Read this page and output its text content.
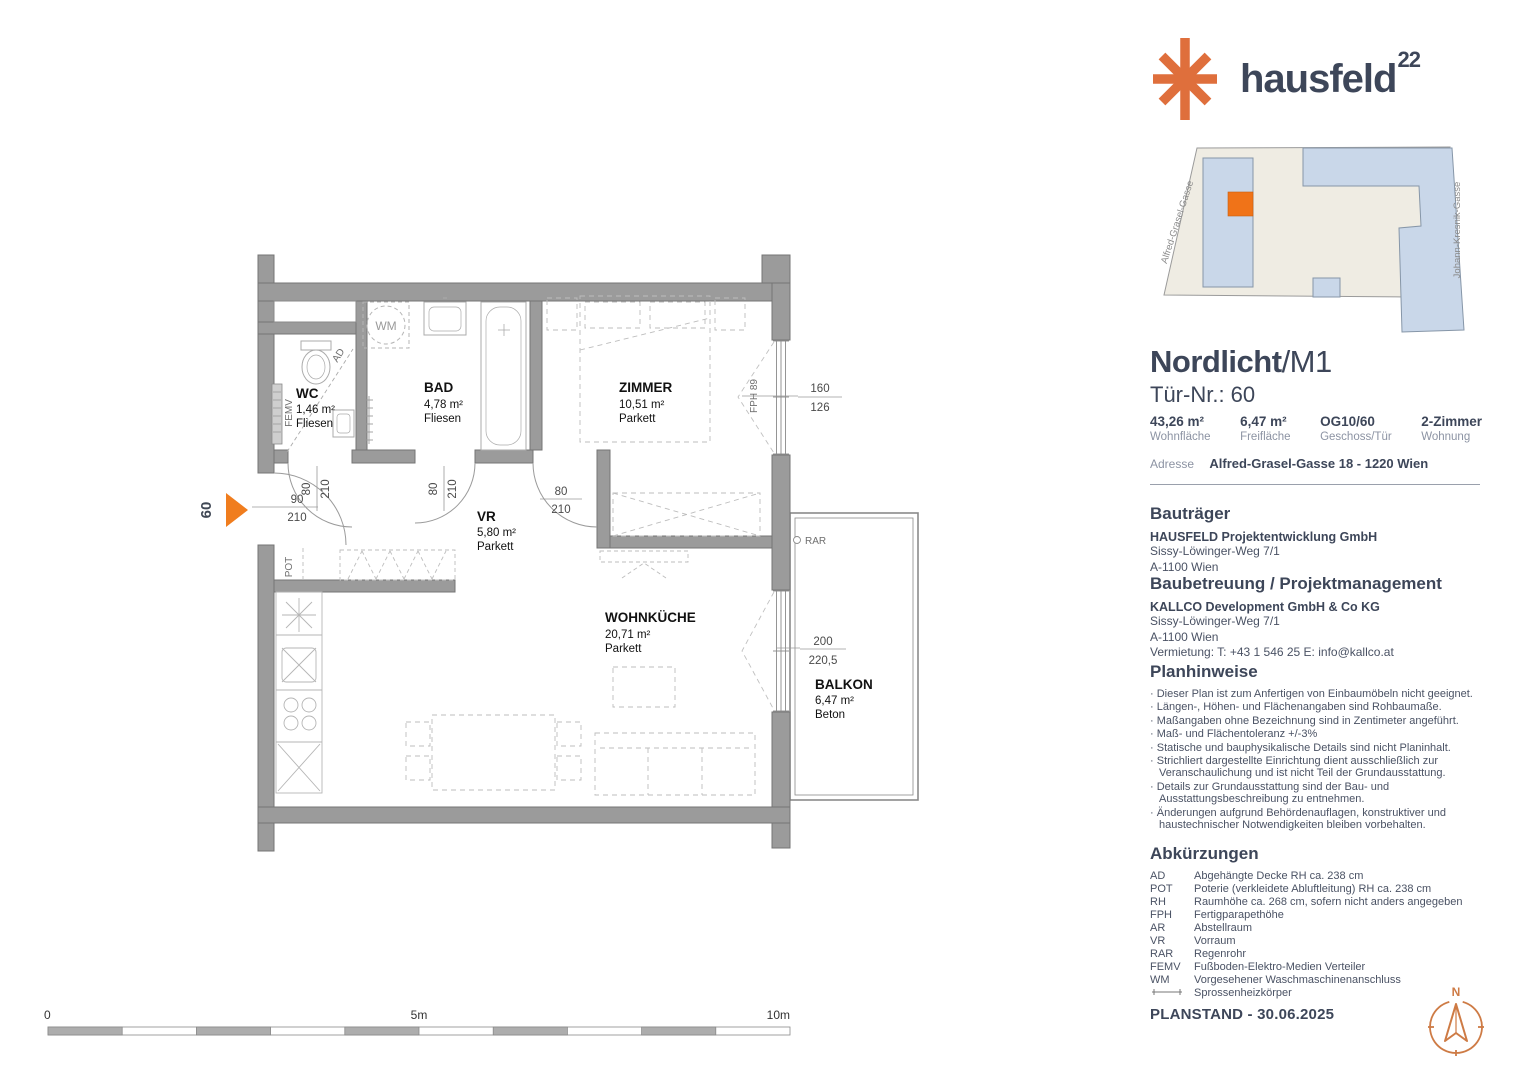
FEMV
AD
WM
POT
RAR
FPH 89
90
210
80 210	80 210	80
210
160
126
200
220,5
60
WC
1,46 m²
Fliesen
BAD
4,78 m²
Fliesen
ZIMMER
10,51 m²
Parkett
VR
5,80 m²
Parkett
WOHNKÜCHE
20,71 m²
Parkett
BALKON
6,47 m²
Beton
0	5m	10m
hausfeld$^{22}$
Alfred-Grasel-Gasse	Johann-Kresnik-Gasse
Nordlicht/M1
Tür-Nr.: 60
43,26 m²
Wohnfläche
6,47 m²
Freifläche
OG10/60
Geschoss/Tür
2-Zimmer
Wohnung
Adresse Alfred-Grasel-Gasse 18 - 1220 Wien
Bauträger
HAUSFELD Projektentwicklung GmbH
Sissy-Löwinger-Weg 7/1
A-1100 Wien
Baubetreuung / Projektmanagement
KALLCO Development GmbH & Co KG
Sissy-Löwinger-Weg 7/1
A-1100 Wien
Vermietung: T: +43 1 546 25 E: info@kallco.at
Planhinweise
· Dieser Plan ist zum Anfertigen von Einbaumöbeln nicht geeignet.
· Längen-, Höhen- und Flächenangaben sind Rohbaumaße.
· Maßangaben ohne Bezeichnung sind in Zentimeter angeführt.
· Maß- und Flächentoleranz +/-3%
· Statische und bauphysikalische Details sind nicht Planinhalt.
· Strichliert dargestellte Einrichtung dient ausschließlich zur Veranschaulichung und ist nicht Teil der Grundausstattung.
· Details zur Grundausstattung sind der Bau- und Ausstattungsbeschreibung zu entnehmen.
· Änderungen aufgrund Behördenauflagen, konstruktiver und haustechnischer Notwendigkeiten bleiben vorbehalten.
Abkürzungen
AD	Abgehängte Decke RH ca. 238 cm
POT	Poterie (verkleidete Abluftleitung) RH ca. 238 cm
RH	Raumhöhe ca. 268 cm, sofern nicht anders angegeben
FPH	Fertigparapethöhe
AR	Abstellraum
VR	Vorraum
RAR	Regenrohr
FEMV	Fußboden-Elektro-Medien Verteiler
WM	Vorgesehener Waschmaschinenanschluss
Sprossenheizkörper
PLANSTAND - 30.06.2025
N
